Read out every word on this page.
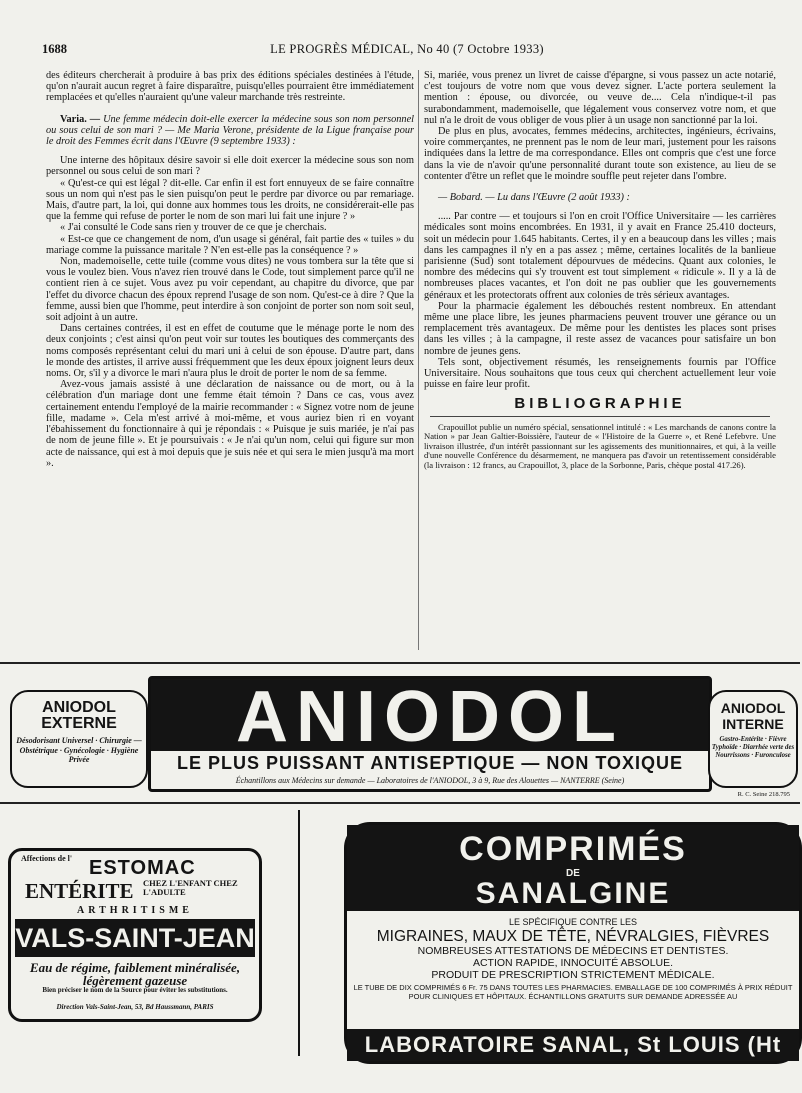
1688	LE PROGRÈS MÉDICAL, No 40 (7 Octobre 1933)

des éditeurs chercherait à produire à bas prix des éditions spéciales destinées à l'étude, qu'on n'aurait aucun regret à faire disparaître, puisqu'elles pourraient être immédiatement remplacées et qu'elles n'auraient qu'une valeur marchande très restreinte.

Varia. — Une femme médecin doit-elle exercer la médecine sous son nom personnel ou sous celui de son mari ? — Me Maria Verone, présidente de la Ligue française pour le droit des Femmes écrit dans l'Œuvre (9 septembre 1933) :

Une interne des hôpitaux désire savoir si elle doit exercer la médecine sous son nom personnel ou sous celui de son mari ?

« Qu'est-ce qui est légal ? dit-elle. Car enfin il est fort ennuyeux de se faire connaître sous un nom qui n'est pas le sien puisqu'on peut le perdre par divorce ou par remariage. Mais, d'autre part, la loi, qui donne aux hommes tous les droits, ne considérerait-elle pas que la femme qui refuse de porter le nom de son mari lui fait une injure ? »

« J'ai consulté le Code sans rien y trouver de ce que je cherchais.

« Est-ce que ce changement de nom, d'un usage si général, fait partie des « tuiles » du mariage comme la puissance maritale ? N'en est-elle pas la conséquence ? »

Non, mademoiselle, cette tuile (comme vous dites) ne vous tombera sur la tête que si vous le voulez bien. Vous n'avez rien trouvé dans le Code, tout simplement parce qu'il ne contient rien à ce sujet. Vous avez pu voir cependant, au chapitre du divorce, que par l'effet du divorce chacun des époux reprend l'usage de son nom. Qu'est-ce à dire ? Que la femme, aussi bien que l'homme, peut interdire à son conjoint de porter son nom soit seul, soit adjoint à un autre.

Dans certaines contrées, il est en effet de coutume que le ménage porte le nom des deux conjoints ; c'est ainsi qu'on peut voir sur toutes les boutiques des commerçants des noms composés représentant celui du mari uni à celui de son épouse. D'autre part, dans le monde des artistes, il arrive aussi fréquemment que les deux époux joignent leurs deux noms. Or, s'il y a divorce le mari n'aura plus le droit de porter le nom de sa femme.

Avez-vous jamais assisté à une déclaration de naissance ou de mort, ou à la célébration d'un mariage dont une femme était témoin ? Dans ce cas, vous avez certainement entendu l'employé de la mairie recommander : « Signez votre nom de jeune fille, madame ». Cela m'est arrivé à moi-même, et vous auriez bien ri en voyant l'ébahissement du fonctionnaire à qui je répondais : « Puisque je suis mariée, je n'ai pas de nom de jeune fille ». Et je poursuivais : « Je n'ai qu'un nom, celui qui figure sur mon acte de naissance, qui est à moi depuis que je suis née et qui sera le mien jusqu'à ma mort ».

Si, mariée, vous prenez un livret de caisse d'épargne, si vous passez un acte notarié, c'est toujours de votre nom que vous devez signer. L'acte portera seulement la mention : épouse, ou divorcée, ou veuve de.... Cela n'indique-t-il pas surabondamment, mademoiselle, que légalement vous conservez votre nom, et que nul n'a le droit de vous obliger de vous plier à un usage non sanctionné par la loi.

De plus en plus, avocates, femmes médecins, architectes, ingénieurs, écrivains, voire commerçantes, ne prennent pas le nom de leur mari, justement pour les raisons indiquées dans la lettre de ma correspondance. Elles ont compris que c'est une force dans la vie de n'avoir qu'une personnalité durant toute son existence, au lieu de se contenter d'être un reflet que le moindre souffle peut rejeter dans l'ombre.

— Bobard. — Lu dans l'Œuvre (2 août 1933) :

..... Par contre — et toujours si l'on en croit l'Office Universitaire — les carrières médicales sont moins encombrées. En 1931, il y avait en France 25.410 docteurs, soit un médecin pour 1.645 habitants. Certes, il y en a beaucoup dans les villes ; mais dans les campagnes il n'y en a pas assez ; même, certaines localités de la banlieue parisienne (Sud) sont totalement dépourvues de médecins. Quant aux colonies, le nombre des médecins qui s'y trouvent est tout simplement « ridicule ». Il y a là de nombreuses places vacantes, et l'on doit ne pas oublier que les gouvernements généraux et les protectorats offrent aux colonies de très sérieux avantages.

Pour la pharmacie également les débouchés restent nombreux. En attendant même une place libre, les jeunes pharmaciens peuvent trouver une gérance ou un remplacement très avantageux. De même pour les dentistes les places sont prises dans les villes ; à la campagne, il reste assez de vacances pour satisfaire un bon nombre de jeunes gens.

Tels sont, objectivement résumés, les renseignements fournis par l'Office Universitaire. Nous souhaitons que tous ceux qui cherchent actuellement leur voie puisse en faire leur profit.

BIBLIOGRAPHIE

Crapouillot publie un numéro spécial, sensationnel intitulé : « Les marchands de canons contre la Nation » par Jean Galtier-Boissière, l'auteur de « l'Histoire de la Guerre », et René Lefebvre. Une livraison illustrée, d'un intérêt passionnant sur les agissements des munitionnaires, et qui, à la veille d'une nouvelle Conférence du désarmement, ne manquera pas d'avoir un retentissement considérable (la livraison : 12 francs, au Crapouillot, 3, place de la Sorbonne, Paris, chèque postal 417.26).

ANIODOL EXTERNE
Désodorisant Universel · Chirurgie — Obstétrique · Gynécologie · Hygiène Privée
ANIODOL
LE PLUS PUISSANT ANTISEPTIQUE — NON TOXIQUE
Échantillons aux Médecins sur demande — Laboratoires de l'ANIODOL, 3 à 9, Rue des Alouettes — NANTERRE (Seine)
ANIODOL INTERNE
Gastro-Entérite · Fièvre Typhoïde · Diarrhée verte des Nourrissons · Furonculose
R. C. Seine 218.795
Affections de l' ESTOMAC
ENTÉRITE CHEZ L'ENFANT CHEZ L'ADULTE
ARTHRITISME
VALS-SAINT-JEAN
Eau de régime, faiblement minéralisée, légèrement gazeuse
Bien préciser le nom de la Source pour éviter les substitutions.
Direction Vals-Saint-Jean, 53, Bd Haussmann, PARIS
COMPRIMÉS
DE
SANALGINE
LE SPÉCIFIQUE CONTRE LES
MIGRAINES, MAUX DE TÊTE, NÉVRALGIES, FIÈVRES
NOMBREUSES ATTESTATIONS DE MÉDECINS ET DENTISTES.
ACTION RAPIDE, INNOCUITÉ ABSOLUE.
PRODUIT DE PRESCRIPTION STRICTEMENT MÉDICALE.
LE TUBE DE DIX COMPRIMÉS 6 Fr. 75 DANS TOUTES LES PHARMACIES. EMBALLAGE DE 100 COMPRIMÉS À PRIX RÉDUIT POUR CLINIQUES ET HÔPITAUX. ÉCHANTILLONS GRATUITS SUR DEMANDE ADRESSÉE AU
LABORATOIRE SANAL, St LOUIS (Ht Rhin)
